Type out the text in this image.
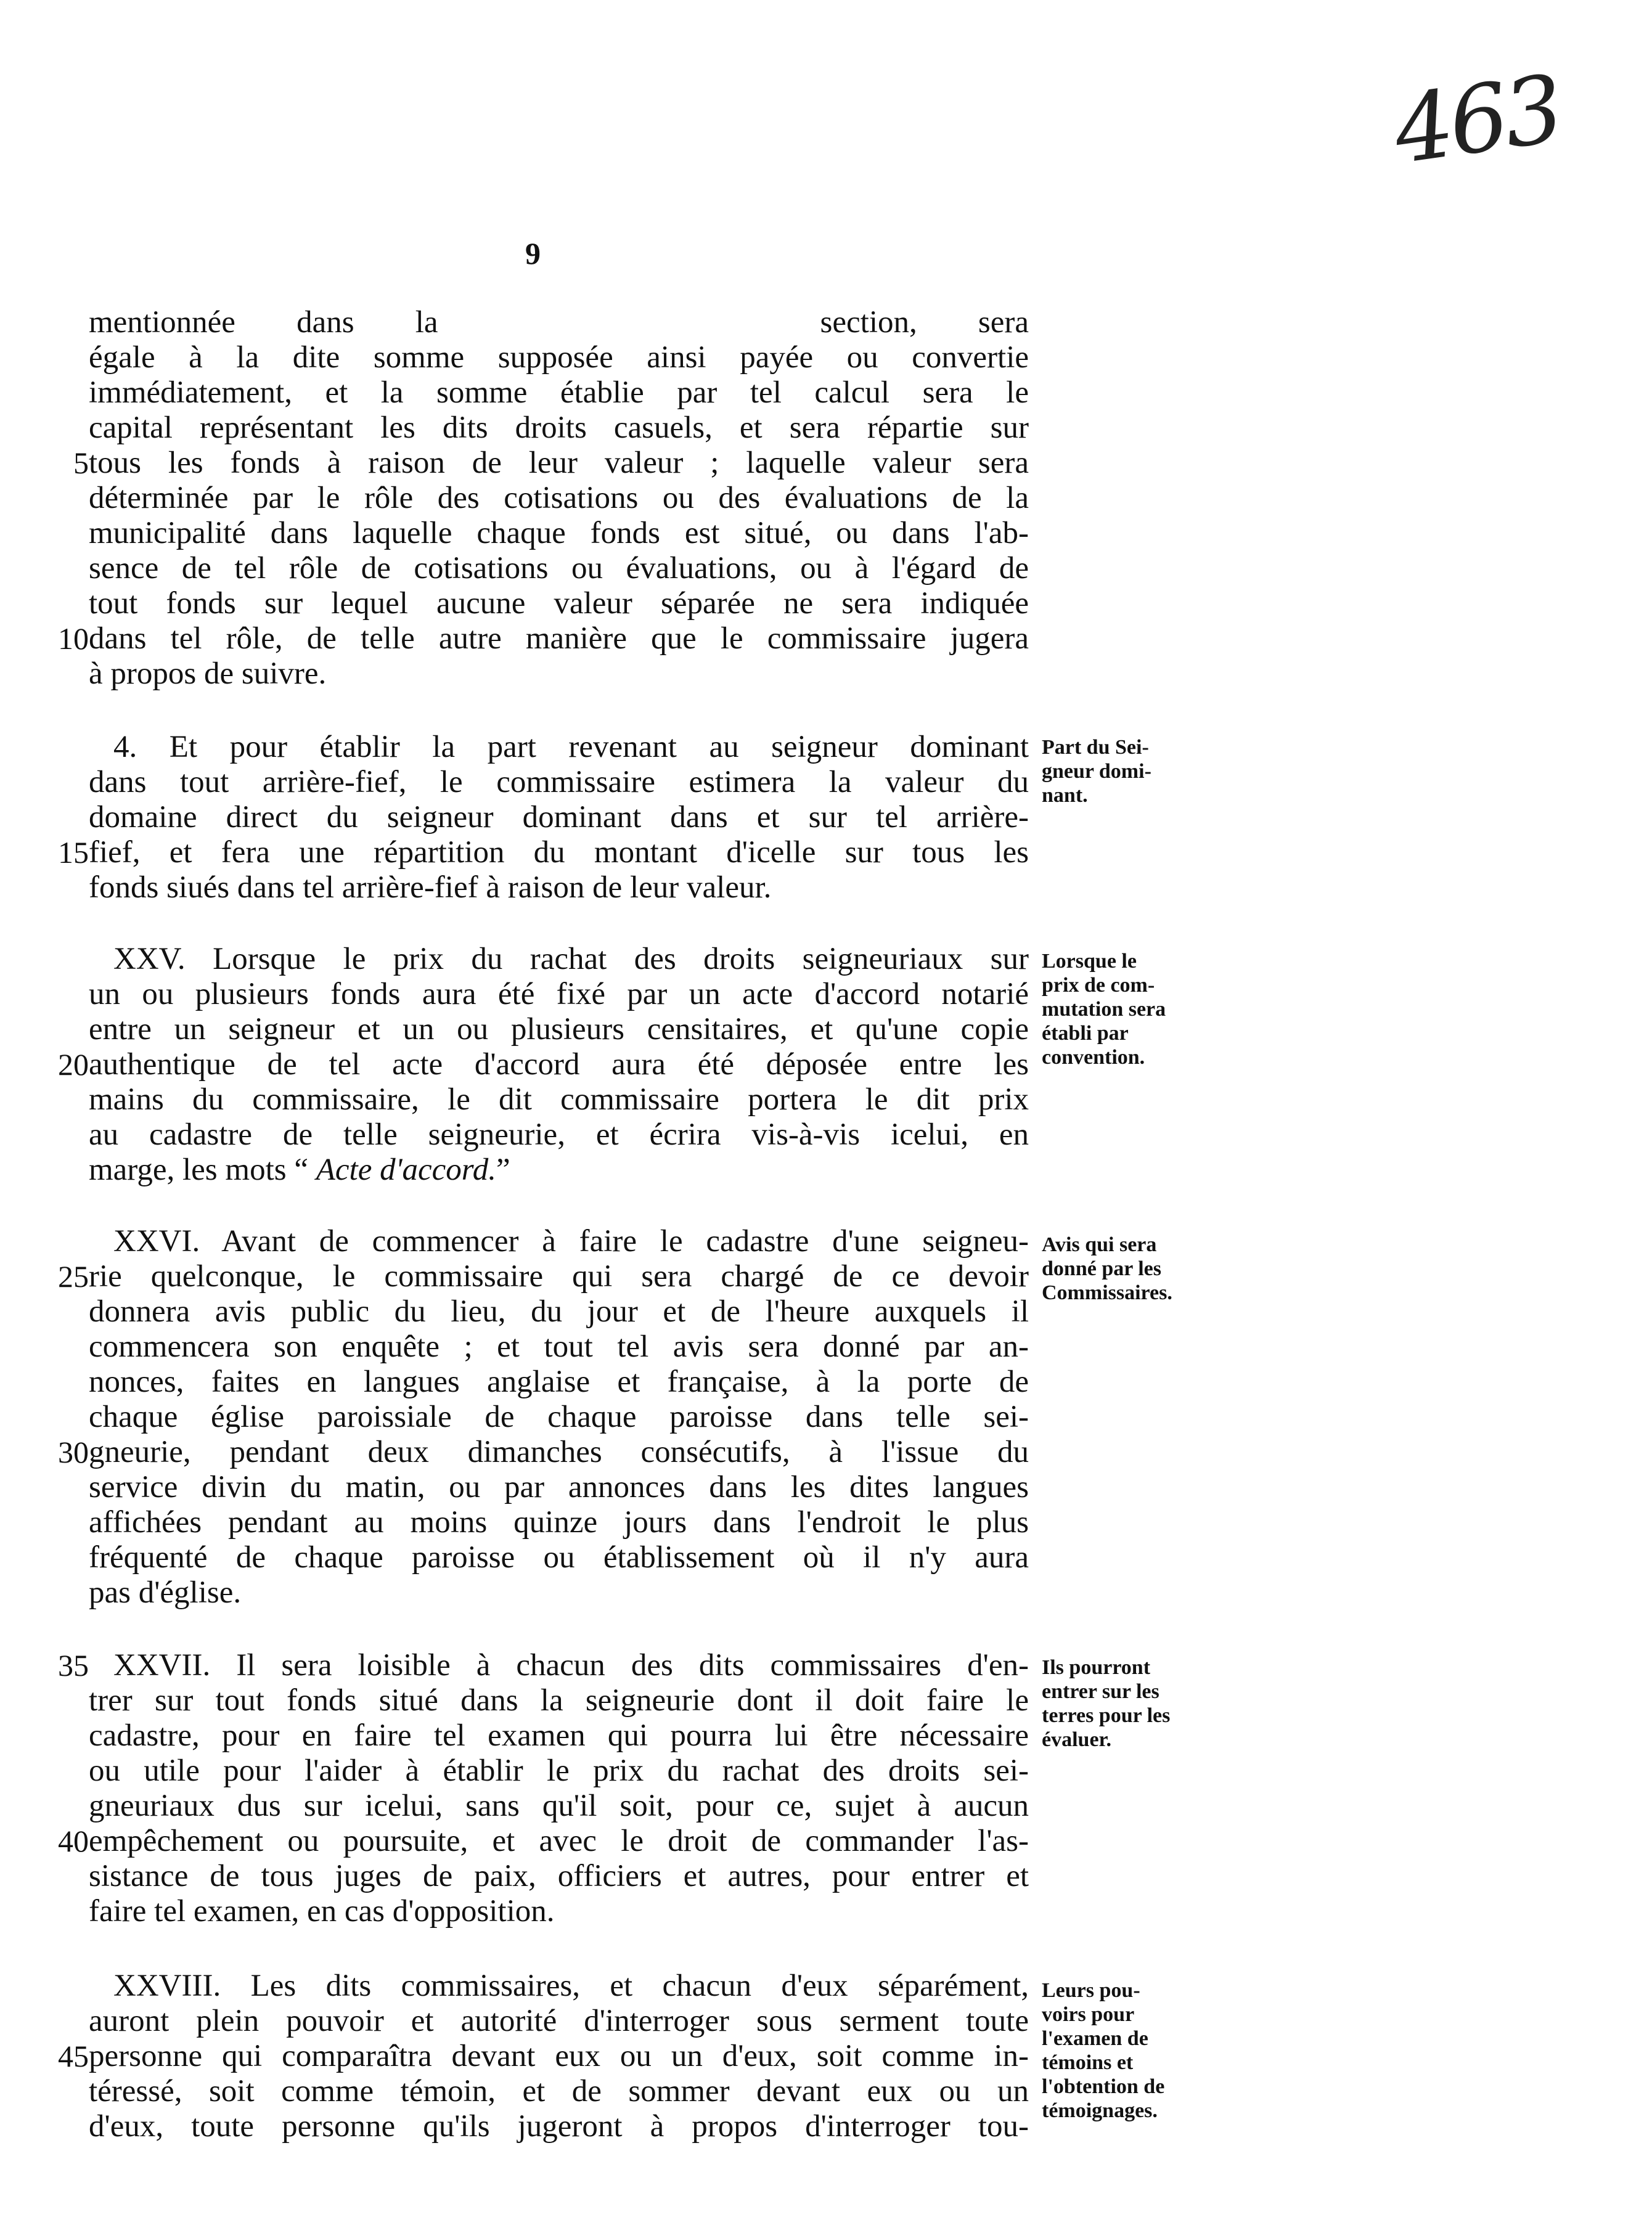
463
9
mentionnée dans la	section, sera
égale à la dite somme supposée ainsi payée ou convertie
immédiatement, et la somme établie par tel calcul sera le
capital représentant les dits droits casuels, et sera répartie sur
tous les fonds à raison de leur valeur ; laquelle valeur sera
déterminée par le rôle des cotisations ou des évaluations de la
municipalité dans laquelle chaque fonds est situé, ou dans l'ab-
sence de tel rôle de cotisations ou évaluations, ou à l'égard de
tout fonds sur lequel aucune valeur séparée ne sera indiquée
dans tel rôle, de telle autre manière que le commissaire jugera
à propos de suivre.
4. Et pour établir la part revenant au seigneur dominant
dans tout arrière-fief, le commissaire estimera la valeur du
domaine direct du seigneur dominant dans et sur tel arrière-
fief, et fera une répartition du montant d'icelle sur tous les
fonds siués dans tel arrière-fief à raison de leur valeur.
Part du Sei-
gneur domi-
nant.
XXV. Lorsque le prix du rachat des droits seigneuriaux sur
un ou plusieurs fonds aura été fixé par un acte d'accord notarié
entre un seigneur et un ou plusieurs censitaires, et qu'une copie
authentique de tel acte d'accord aura été déposée entre les
mains du commissaire, le dit commissaire portera le dit prix
au cadastre de telle seigneurie, et écrira vis-à-vis icelui, en
marge, les mots “ Acte d'accord.”
Lorsque le
prix de com-
mutation sera
établi par
convention.
XXVI. Avant de commencer à faire le cadastre d'une seigneu-
rie quelconque, le commissaire qui sera chargé de ce devoir
donnera avis public du lieu, du jour et de l'heure auxquels il
commencera son enquête ; et tout tel avis sera donné par an-
nonces, faites en langues anglaise et française, à la porte de
chaque église paroissiale de chaque paroisse dans telle sei-
gneurie, pendant deux dimanches consécutifs, à l'issue du
service divin du matin, ou par annonces dans les dites langues
affichées pendant au moins quinze jours dans l'endroit le plus
fréquenté de chaque paroisse ou établissement où il n'y aura
pas d'église.
Avis qui sera
donné par les
Commissaires.
XXVII. Il sera loisible à chacun des dits commissaires d'en-
trer sur tout fonds situé dans la seigneurie dont il doit faire le
cadastre, pour en faire tel examen qui pourra lui être nécessaire
ou utile pour l'aider à établir le prix du rachat des droits sei-
gneuriaux dus sur icelui, sans qu'il soit, pour ce, sujet à aucun
empêchement ou poursuite, et avec le droit de commander l'as-
sistance de tous juges de paix, officiers et autres, pour entrer et
faire tel examen, en cas d'opposition.
Ils pourront
entrer sur les
terres pour les
évaluer.
XXVIII. Les dits commissaires, et chacun d'eux séparément,
auront plein pouvoir et autorité d'interroger sous serment toute
personne qui comparaîtra devant eux ou un d'eux, soit comme in-
téressé, soit comme témoin, et de sommer devant eux ou un
d'eux, toute personne qu'ils jugeront à propos d'interroger tou-
Leurs pou-
voirs pour
l'examen de
témoins et
l'obtention de
témoignages.
5
10
15
20
25
30
35
40
45
